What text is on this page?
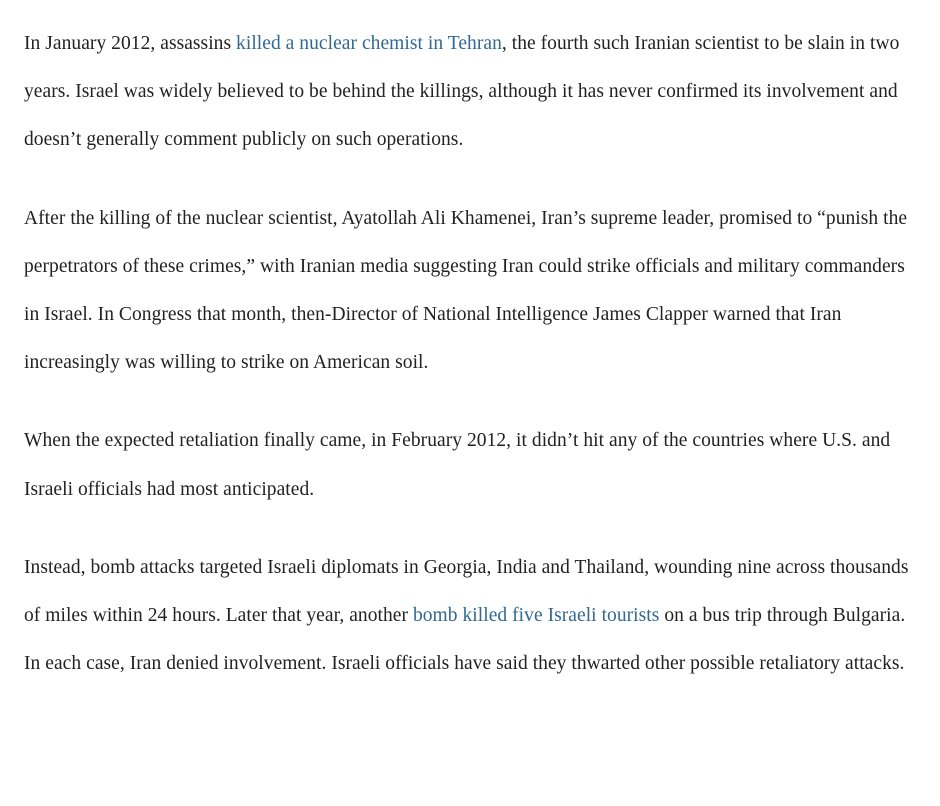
In January 2012, assassins killed a nuclear chemist in Tehran, the fourth such Iranian scientist to be slain in two years. Israel was widely believed to be behind the killings, although it has never confirmed its involvement and doesn’t generally comment publicly on such operations.

After the killing of the nuclear scientist, Ayatollah Ali Khamenei, Iran’s supreme leader, promised to “punish the perpetrators of these crimes,” with Iranian media suggesting Iran could strike officials and military commanders in Israel. In Congress that month, then-Director of National Intelligence James Clapper warned that Iran increasingly was willing to strike on American soil.

When the expected retaliation finally came, in February 2012, it didn’t hit any of the countries where U.S. and Israeli officials had most anticipated.

Instead, bomb attacks targeted Israeli diplomats in Georgia, India and Thailand, wounding nine across thousands of miles within 24 hours. Later that year, another bomb killed five Israeli tourists on a bus trip through Bulgaria. In each case, Iran denied involvement. Israeli officials have said they thwarted other possible retaliatory attacks.
